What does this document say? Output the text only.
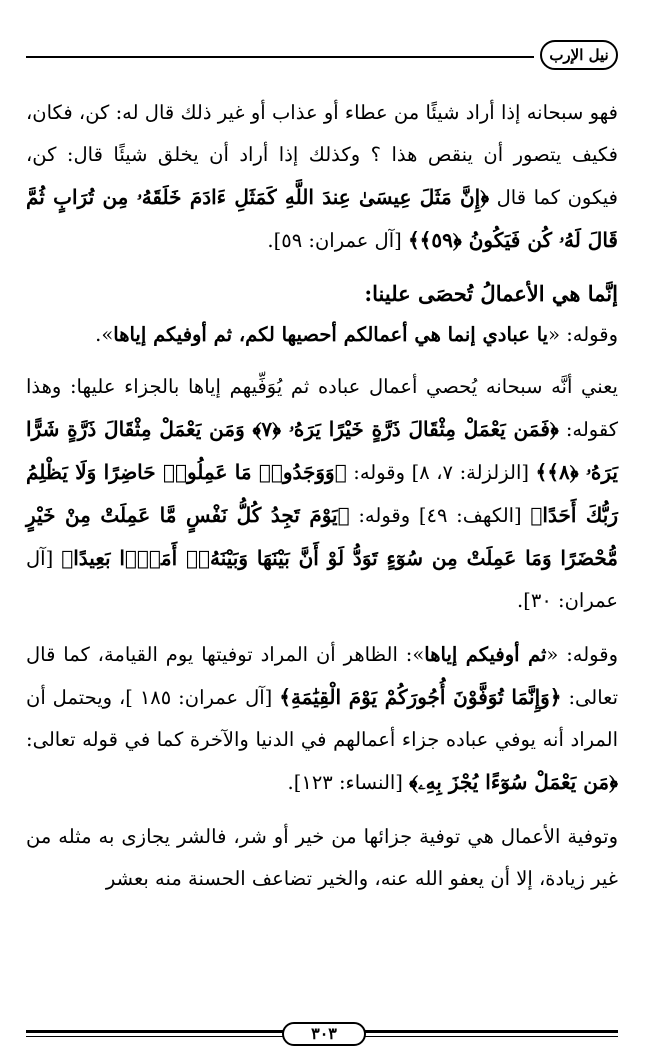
نيل الإرب

فهو سبحانه إذا أراد شيئًا من عطاء أو عذاب أو غير ذلك قال له: كن، فكان، فكيف يتصور أن ينقص هذا ؟ وكذلك إذا أراد أن يخلق شيئًا قال: كن، فيكون كما قال ﴿إِنَّ مَثَلَ عِيسَىٰ عِندَ اللَّهِ كَمَثَلِ ءَادَمَ خَلَقَهُۥ مِن تُرَابٍ ثُمَّ قَالَ لَهُۥ كُن فَيَكُونُ ﴿٥٩﴾﴾ [آل عمران: ٥٩].

إنَّما هي الأعمالُ تُحصَى علينا:

وقوله: «يا عبادي إنما هي أعمالكم أحصيها لكم، ثم أوفيكم إياها».

يعني أنَّه سبحانه يُحصي أعمال عباده ثم يُوَفِّيهم إياها بالجزاء عليها: وهذا كقوله: ﴿فَمَن يَعْمَلْ مِثْقَالَ ذَرَّةٍ خَيْرًا يَرَهُۥ ﴿٧﴾ وَمَن يَعْمَلْ مِثْقَالَ ذَرَّةٍ شَرًّا يَرَهُۥ ﴿٨﴾﴾ [الزلزلة: ٧، ٨] وقوله: ﴿وَوَجَدُوا۟ مَا عَمِلُوا۟ حَاضِرًا وَلَا يَظْلِمُ رَبُّكَ أَحَدًا﴾ [الكهف: ٤٩] وقوله: ﴿يَوْمَ تَجِدُ كُلُّ نَفْسٍ مَّا عَمِلَتْ مِنْ خَيْرٍ مُّحْضَرًا وَمَا عَمِلَتْ مِن سُوٓءٍ تَوَدُّ لَوْ أَنَّ بَيْنَهَا وَبَيْنَهُۥٓ أَمَدًۢا بَعِيدًا﴾ [آل عمران: ٣٠].

وقوله: «ثم أوفيكم إياها»: الظاهر أن المراد توفيتها يوم القيامة، كما قال تعالى: ﴿وَإِنَّمَا تُوَفَّوْنَ أُجُورَكُمْ يَوْمَ الْقِيَٰمَةِ﴾ [آل عمران: ١٨٥ ]، ويحتمل أن المراد أنه يوفي عباده جزاء أعمالهم في الدنيا والآخرة كما في قوله تعالى: ﴿مَن يَعْمَلْ سُوٓءًا يُجْزَ بِهِۦ﴾ [النساء: ١٢٣].

وتوفية الأعمال هي توفية جزائها من خير أو شر، فالشر يجازى به مثله من غير زيادة، إلا أن يعفو الله عنه، والخير تضاعف الحسنة منه بعشر

٣٠٣
